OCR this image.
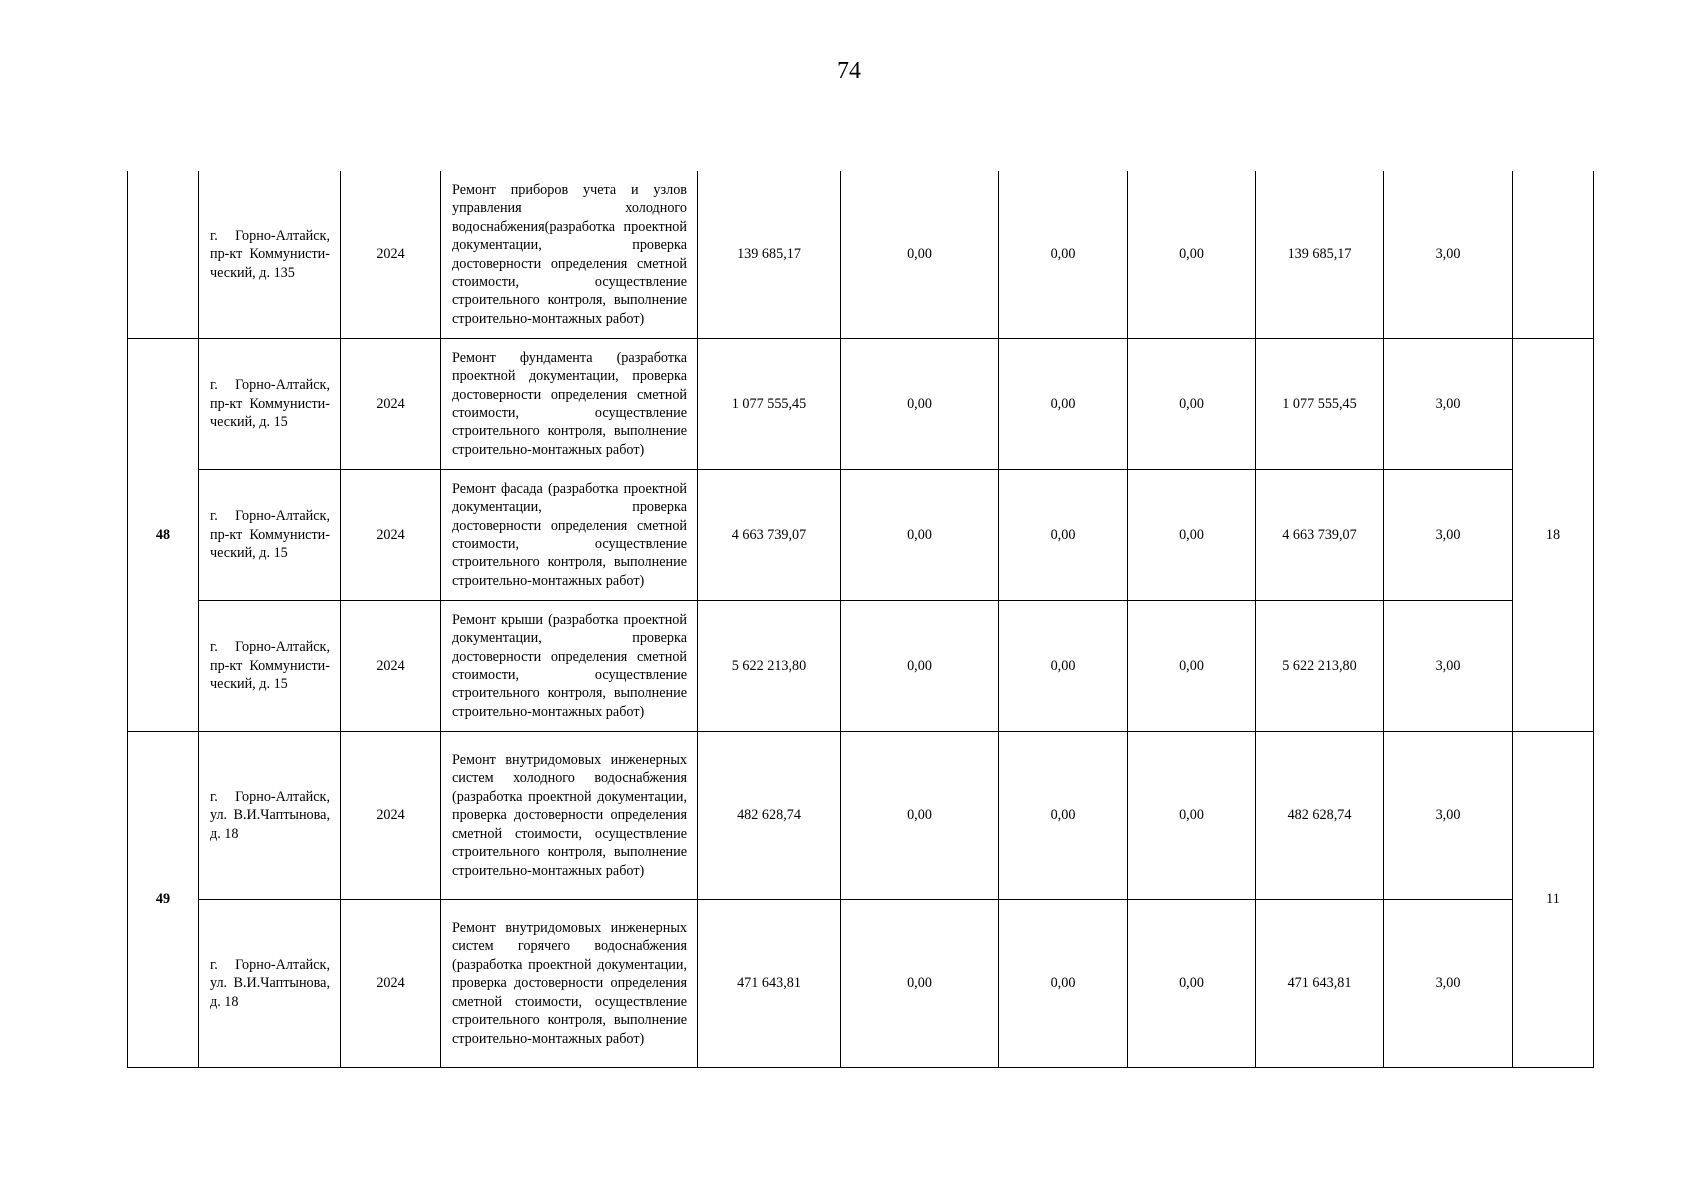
74
	г. Горно-Алтайск, пр-кт Коммунисти-ческий, д. 135	2024	Ремонт приборов учета и узлов управления холодного водоснабжения(разработка проектной документации, проверка достоверности определения сметной стоимости, осуществление строительного контроля, выполнение строительно-монтажных работ)	139 685,17	0,00	0,00	0,00	139 685,17	3,00	
48	г. Горно-Алтайск, пр-кт Коммунисти-ческий, д. 15	2024	Ремонт фундамента (разработка проектной документации, проверка достоверности определения сметной стоимости, осуществление строительного контроля, выполнение строительно-монтажных работ)	1 077 555,45	0,00	0,00	0,00	1 077 555,45	3,00	18
	г. Горно-Алтайск, пр-кт Коммунисти-ческий, д. 15	2024	Ремонт фасада (разработка проектной документации, проверка достоверности определения сметной стоимости, осуществление строительного контроля, выполнение строительно-монтажных работ)	4 663 739,07	0,00	0,00	0,00	4 663 739,07	3,00	
	г. Горно-Алтайск, пр-кт Коммунисти-ческий, д. 15	2024	Ремонт крыши (разработка проектной документации, проверка достоверности определения сметной стоимости, осуществление строительного контроля, выполнение строительно-монтажных работ)	5 622 213,80	0,00	0,00	0,00	5 622 213,80	3,00	
49	г. Горно-Алтайск, ул. В.И.Чаптынова, д. 18	2024	Ремонт внутридомовых инженерных систем холодного водоснабжения (разработка проектной документации, проверка достоверности определения сметной стоимости, осуществление строительного контроля, выполнение строительно-монтажных работ)	482 628,74	0,00	0,00	0,00	482 628,74	3,00	11
	г. Горно-Алтайск, ул. В.И.Чаптынова, д. 18	2024	Ремонт внутридомовых инженерных систем горячего водоснабжения (разработка проектной документации, проверка достоверности определения сметной стоимости, осуществление строительного контроля, выполнение строительно-монтажных работ)	471 643,81	0,00	0,00	0,00	471 643,81	3,00	
